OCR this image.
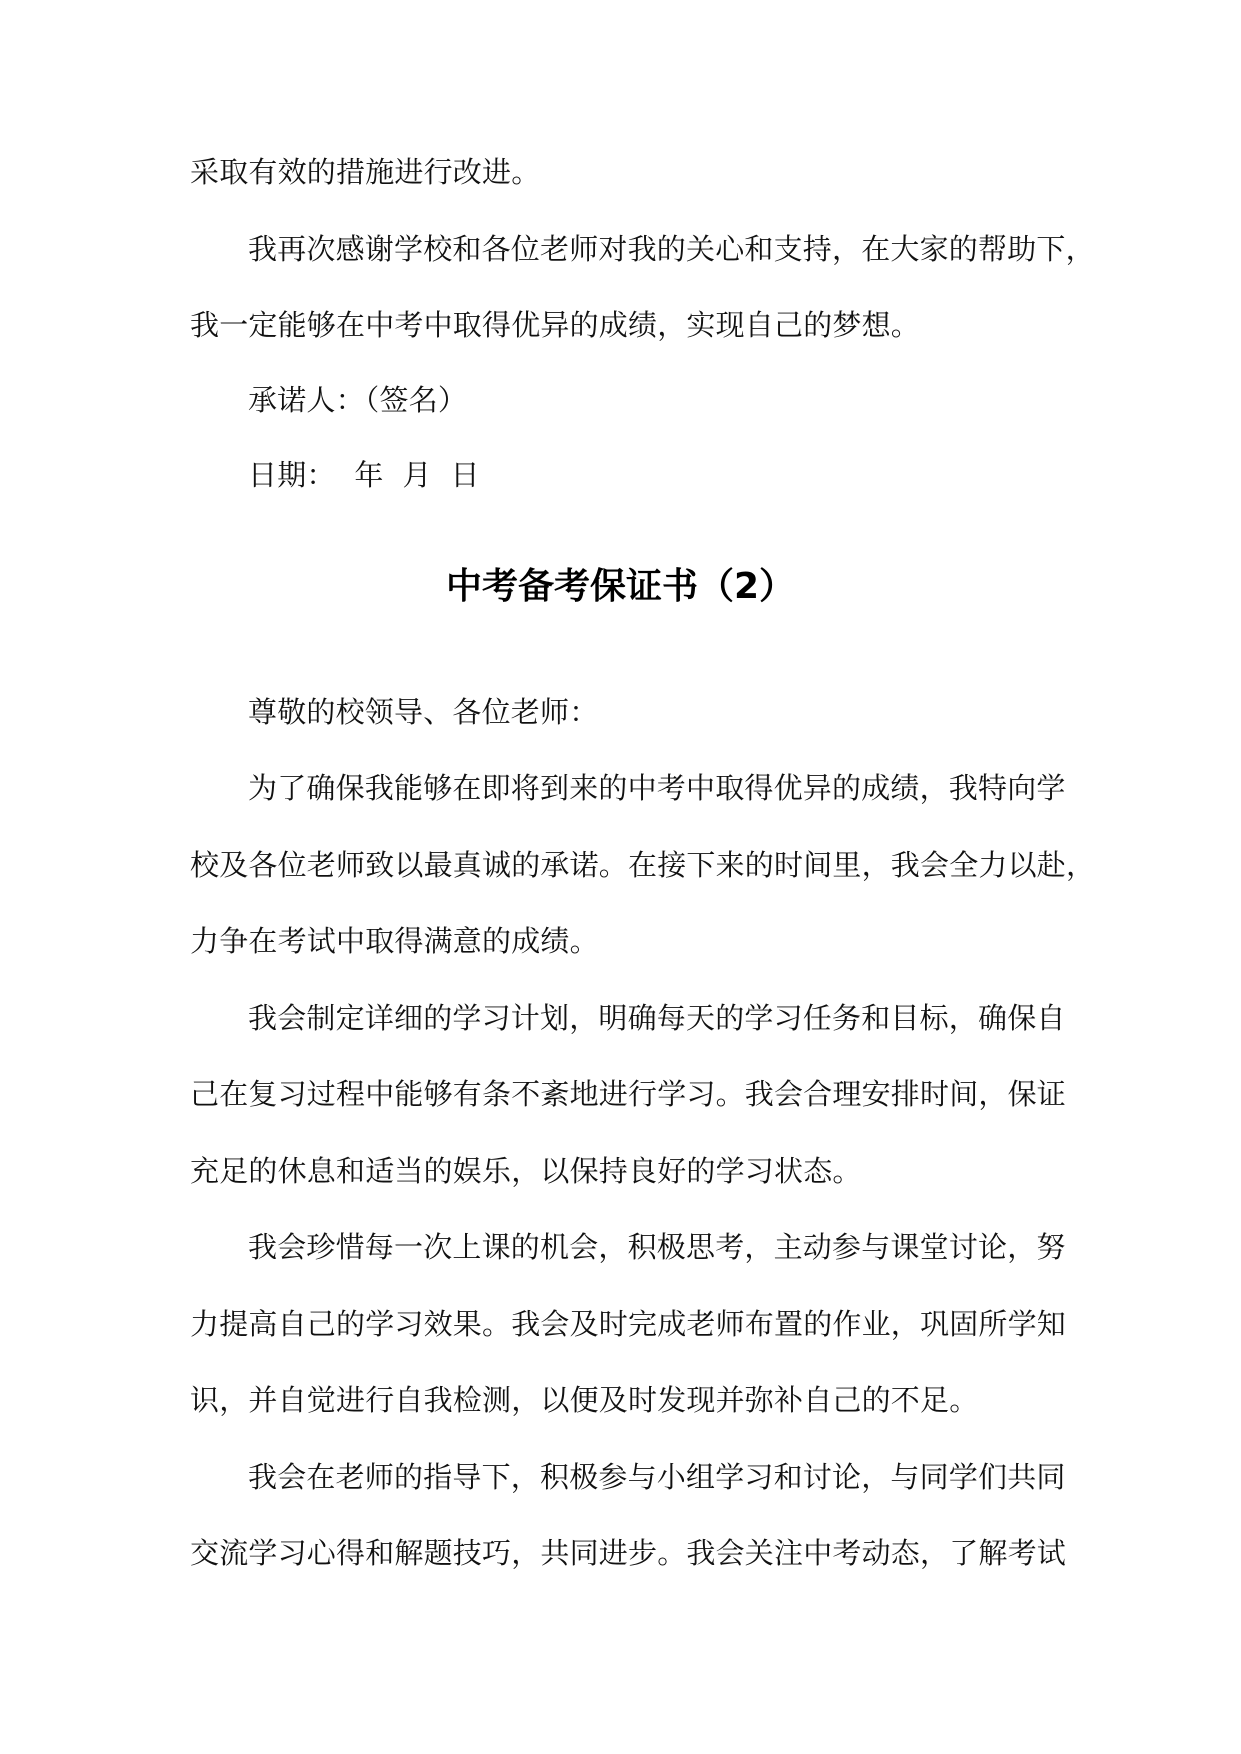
采取有效的措施进行改进。
我再次感谢学校和各位老师对我的关心和支持，在大家的帮助下，
我一定能够在中考中取得优异的成绩，实现自己的梦想。
承诺人：（签名）
日期：  年  月  日
中考备考保证书（2）
尊敬的校领导、各位老师：
为了确保我能够在即将到来的中考中取得优异的成绩，我特向学
校及各位老师致以最真诚的承诺。在接下来的时间里，我会全力以赴，
力争在考试中取得满意的成绩。
我会制定详细的学习计划，明确每天的学习任务和目标，确保自
己在复习过程中能够有条不紊地进行学习。我会合理安排时间，保证
充足的休息和适当的娱乐，以保持良好的学习状态。
我会珍惜每一次上课的机会，积极思考，主动参与课堂讨论，努
力提高自己的学习效果。我会及时完成老师布置的作业，巩固所学知
识，并自觉进行自我检测，以便及时发现并弥补自己的不足。
我会在老师的指导下，积极参与小组学习和讨论，与同学们共同
交流学习心得和解题技巧，共同进步。我会关注中考动态，了解考试
